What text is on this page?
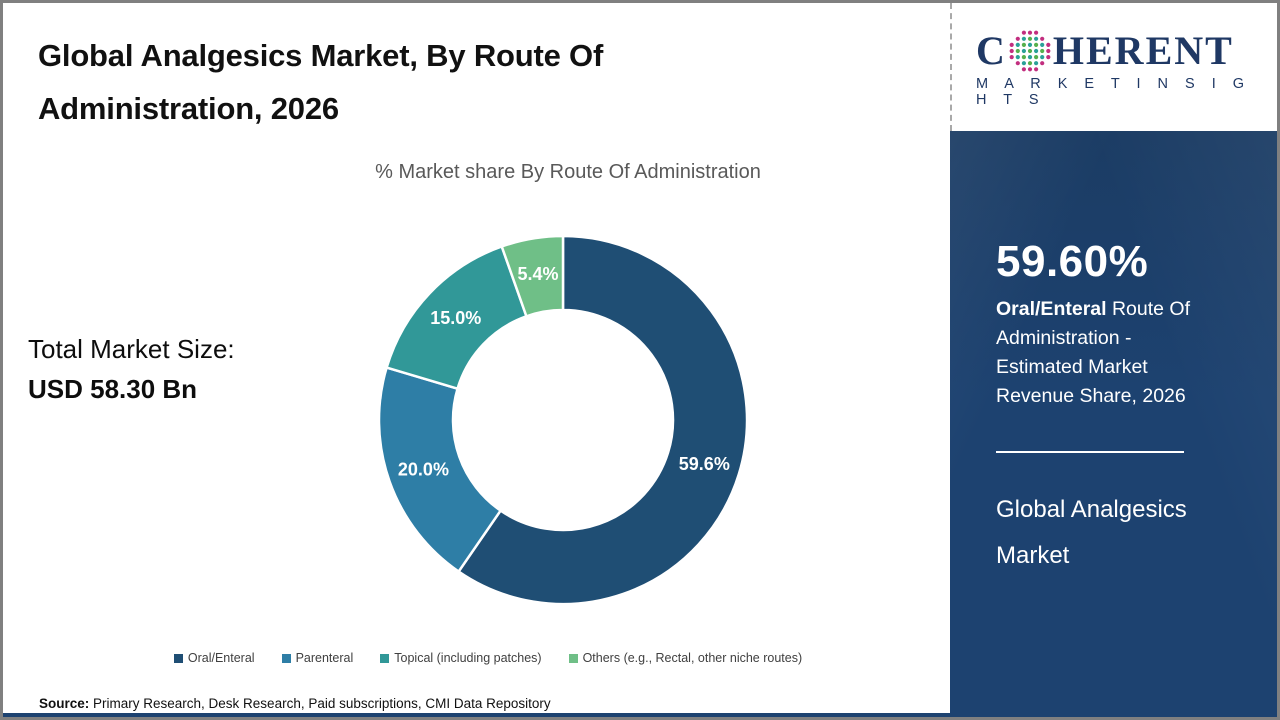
Global Analgesics Market, By Route Of Administration, 2026
% Market share By Route Of Administration
Total Market Size:
USD 58.30 Bn
59.6%
20.0%
15.0%
5.4%
Oral/Enteral	Parenteral	Topical (including patches)	Others (e.g., Rectal, other niche routes)
Source: Primary Research, Desk Research, Paid subscriptions, CMI Data Repository
C HERENT
M A R K E T I N S I G H T S
59.60%
Oral/Enteral Route Of Administration - Estimated Market Revenue Share, 2026
Global Analgesics
Market
